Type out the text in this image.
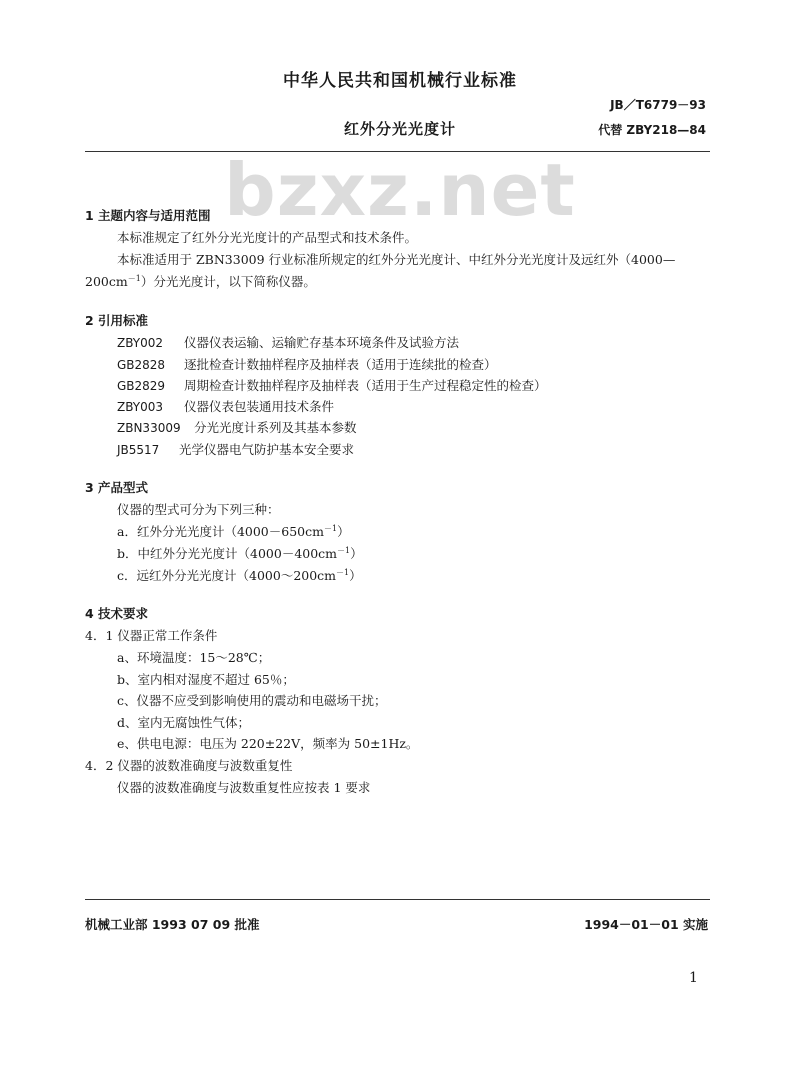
中华人民共和国机械行业标准
JB／T6779－93
红外分光光度计	代替 ZBY218—84
bzxz.net
1 主题内容与适用范围
本标准规定了红外分光光度计的产品型式和技术条件。
本标准适用于 ZBN33009 行业标准所规定的红外分光光度计、中红外分光光度计及远红外（4000—
$200cm^{-1}$）分光光度计，以下简称仪器。
2 引用标准
ZBY002 仪器仪表运输、运输贮存基本环境条件及试验方法
GB2828 逐批检查计数抽样程序及抽样表（适用于连续批的检查）
GB2829 周期检查计数抽样程序及抽样表（适用于生产过程稳定性的检查）
ZBY003 仪器仪表包装通用技术条件
ZBN33009 分光光度计系列及其基本参数
JB5517 光学仪器电气防护基本安全要求
3 产品型式
仪器的型式可分为下列三种：
a．红外分光光度计$(4000-650cm^{-1})$
b．中红外分光光度计$(4000-400cm^{-1})$
c．远红外分光光度计$(4000\sim 200cm^{-1})$
4 技术要求
4．1 仪器正常工作条件
a、环境温度：15～28℃；
b、室内相对湿度不超过 65％；
c、仪器不应受到影响使用的震动和电磁场干扰；
d、室内无腐蚀性气体；
e、供电电源：电压为 220±22V，频率为 50±1Hz。
4．2 仪器的波数准确度与波数重复性
仪器的波数准确度与波数重复性应按表 1 要求
机械工业部 1993 07 09 批准	1994－01－01 实施
1
